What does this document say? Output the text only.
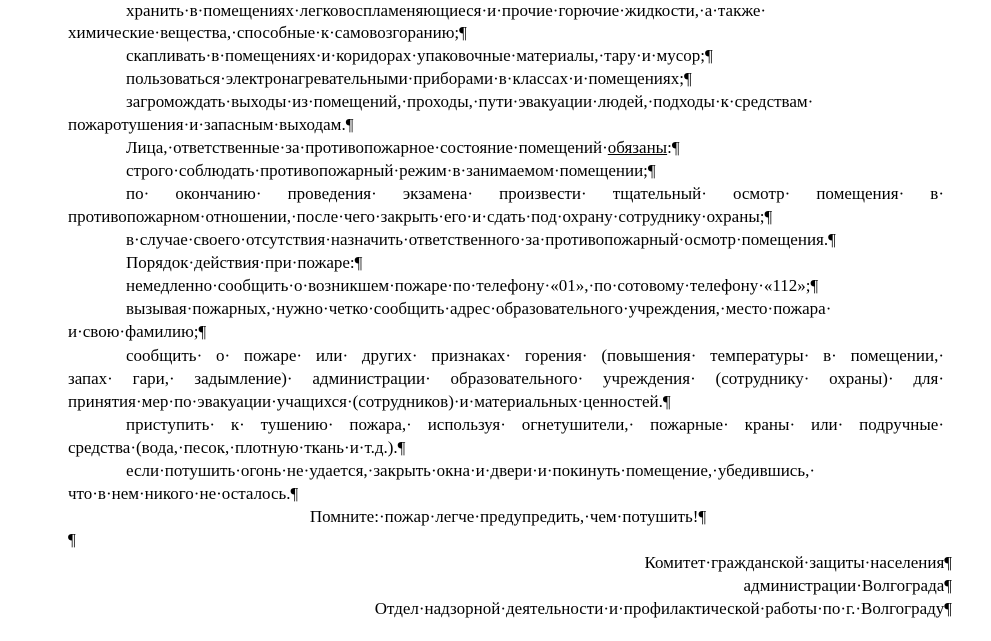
хранить·в·помещениях·легковоспламеняющиеся·и·прочие·горючие·жидкости,·а·также·
химические·вещества,·способные·к·самовозгоранию;¶
скапливать·в·помещениях·и·коридорах·упаковочные·материалы,·тару·и·мусор;¶
пользоваться·электронагревательными·приборами·в·классах·и·помещениях;¶
загромождать·выходы·из·помещений,·проходы,·пути·эвакуации·людей,·подходы·к·средствам·
пожаротушения·и·запасным·выходам.¶
Лица,·ответственные·за·противопожарное·состояние·помещений·обязаны:¶
строго·соблюдать·противопожарный·режим·в·занимаемом·помещении;¶
по· окончанию· проведения· экзамена· произвести· тщательный· осмотр· помещения· в·
противопожарном·отношении,·после·чего·закрыть·его·и·сдать·под·охрану·сотруднику·охраны;¶
в·случае·своего·отсутствия·назначить·ответственного·за·противопожарный·осмотр·помещения.¶
Порядок·действия·при·пожаре:¶
немедленно·сообщить·о·возникшем·пожаре·по·телефону·«01»,·по·сотовому·телефону·«112»;¶
вызывая·пожарных,·нужно·четко·сообщить·адрес·образовательного·учреждения,·место·пожара·
и·свою·фамилию;¶
сообщить· о· пожаре· или· других· признаках· горения· (повышения· температуры· в· помещении,·
запах· гари,· задымление)· администрации· образовательного· учреждения· (сотруднику· охраны)· для·
принятия·мер·по·эвакуации·учащихся·(сотрудников)·и·материальных·ценностей.¶
приступить· к· тушению· пожара,· используя· огнетушители,· пожарные· краны· или· подручные·
средства·(вода,·песок,·плотную·ткань·и·т.д.).¶
если·потушить·огонь·не·удается,·закрыть·окна·и·двери·и·покинуть·помещение,·убедившись,·
что·в·нем·никого·не·осталось.¶
Помните:·пожар·легче·предупредить,·чем·потушить!¶
¶
Комитет·гражданской·защиты·населения¶
администрации·Волгограда¶
Отдел·надзорной·деятельности·и·профилактической·работы·по·г.·Волгограду¶
